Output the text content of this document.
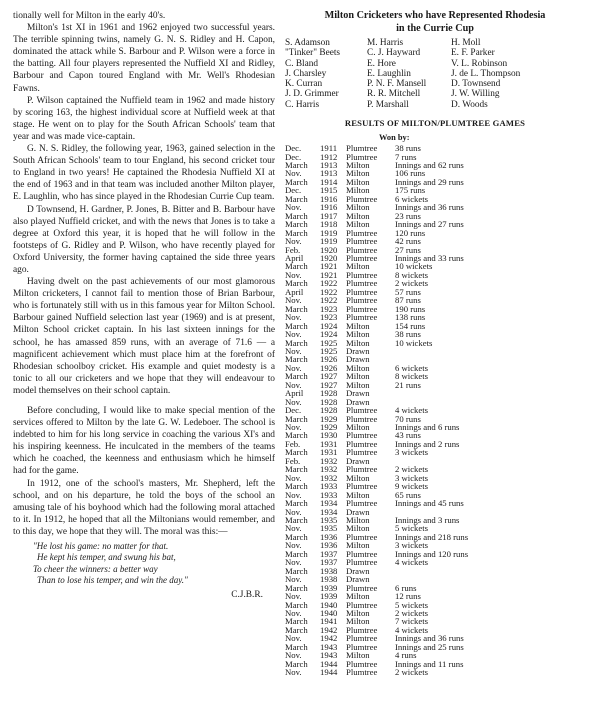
tionally well for Milton in the early 40's.

Milton's 1st XI in 1961 and 1962 enjoyed two successful years. The terrible spinning twins, namely G. N. S. Ridley and H. Capon, dominated the attack while S. Barbour and P. Wilson were a force in the batting. All four players represented the Nuffield XI and Ridley, Barbour and Capon toured England with Mr. Well's Rhodesian Fawns.

P. Wilson captained the Nuffield team in 1962 and made history by scoring 163, the highest individual score at Nuffield week at that stage. He went on to play for the South African Schools' team that year and was made vice-captain.

G. N. S. Ridley, the following year, 1963, gained selection in the South African Schools' team to tour England, his second cricket tour to England in two years! He captained the Rhodesia Nuffield XI at the end of 1963 and in that team was included another Milton player, E. Laughlin, who has since played in the Rhodesian Currie Cup team.

D Townsend, H. Gardner, P. Jones, B. Bitter and B. Barbour have also played Nuffield cricket, and with the news that Jones is to take a degree at Oxford this year, it is hoped that he will follow in the footsteps of G. Ridley and P. Wilson, who have recently played for Oxford University, the former having captained the side three years ago.

Having dwelt on the past achievements of our most glamorous Milton cricketers, I cannot fail to mention those of Brian Barbour, who is fortunately still with us in this famous year for Milton School. Barbour gained Nuffield selection last year (1969) and is at present, Milton School cricket captain. In his last sixteen innings for the school, he has amassed 859 runs, with an average of 71.6 — a magnificent achievement which must place him at the forefront of Rhodesian schoolboy cricket. His example and quiet modesty is a tonic to all our cricketers and we hope that they will endeavour to model themselves on their school captain.

Before concluding, I would like to make special mention of the services offered to Milton by the late G. W. Ledeboer. The school is indebted to him for his long service in coaching the various XI's and his inspiring keenness. He inculcated in the members of the teams which he coached, the keenness and enthusiasm which he himself had for the game.

In 1912, one of the school's masters, Mr. Shepherd, left the school, and on his departure, he told the boys of the school an amusing tale of his boyhood which had the following moral attached to it. In 1912, he hoped that all the Miltonians would remember, and to this day, we hope that they will. The moral was this:—

"He lost his game: no matter for that.
He kept his temper, and swung his bat,
To cheer the winners: a better way
Than to lose his temper, and win the day."
C.J.B.R.
Milton Cricketers who have Represented Rhodesia
in the Currie Cup
S. Adamson	M. Harris	H. Moll
"Tinker" Beets	C. J. Hayward	E. F. Parker
C. Bland	E. Hore	V. L. Robinson
J. Charsley	E. Laughlin	J. de L. Thompson
K. Curran	P. N. F. Mansell	D. Townsend
J. D. Grimmer	R. R. Mitchell	J. W. Willing
C. Harris	P. Marshall	D. Woods
RESULTS OF MILTON/PLUMTREE GAMES
Won by:
Dec.	1911	Plumtree	38 runs
Dec.	1912 Plumtree	7 runs
March	1913 Milton	Innings and 62 runs
Nov.	1913 Milton	106 runs
March	1914 Milton	Innings and 29 runs
Dec.	1915 Milton	175 runs
March	1916 Plumtree	6 wickets
Nov.	1916 Milton	Innings and 36 runs
March	1917 Milton	23 runs
March	1918 Milton	Innings and 27 runs
March	1919 Plumtree	120 runs
Nov.	1919 Plumtree	42 runs
Feb.	1920 Plumtree	27 runs
April	1920 Plumtree	Innings and 33 runs
March	1921 Milton	10 wickets
Nov.	1921 Plumtree	8 wickets
March	1922 Plumtree	2 wickets
April	1922 Plumtree	57 runs
Nov.	1922 Plumtree	87 runs
March	1923 Plumtree	190 runs
Nov.	1923 Plumtree	138 runs
March	1924 Milton	154 runs
Nov.	1924 Milton	38 runs
March	1925 Milton	10 wickets
Nov.	1925 Drawn
March	1926 Drawn
Nov.	1926 Milton	6 wickets
March	1927 Milton	8 wickets
Nov.	1927 Milton	21 runs
April	1928 Drawn
Nov.	1928 Drawn
Dec.	1928 Plumtree	4 wickets
March	1929 Plumtree	70 runs
Nov.	1929 Milton	Innings and 6 runs
March	1930 Plumtree	43 runs
Feb.	1931 Plumtree	Innings and 2 runs
March	1931 Plumtree	3 wickets
Feb.	1932 Drawn
March	1932 Plumtree	2 wickets
Nov.	1932 Milton	3 wickets
March	1933 Plumtree	9 wickets
Nov.	1933 Milton	65 runs
March	1934 Plumtree	Innings and 45 runs
Nov.	1934 Drawn
March	1935 Milton	Innings and 3 runs
Nov.	1935 Milton	5 wickets
March	1936 Plumtree	Innings and 218 runs
Nov.	1936 Milton	3 wickets
March	1937 Plumtree	Innings and 120 runs
Nov.	1937 Plumtree	4 wickets
March	1938 Drawn
Nov.	1938 Drawn
March	1939 Plumtree	6 runs
Nov.	1939 Milton	12 runs
March	1940 Plumtree	5 wickets
Nov.	1940 Milton	2 wickets
March	1941 Milton	7 wickets
March	1942 Plumtree	4 wickets
Nov.	1942 Plumtree	Innings and 36 runs
March	1943 Plumtree	Innings and 25 runs
Nov.	1943 Milton	4 runs
March	1944 Plumtree	Innings and 11 runs
Nov.	1944 Plumtree	2 wickets
